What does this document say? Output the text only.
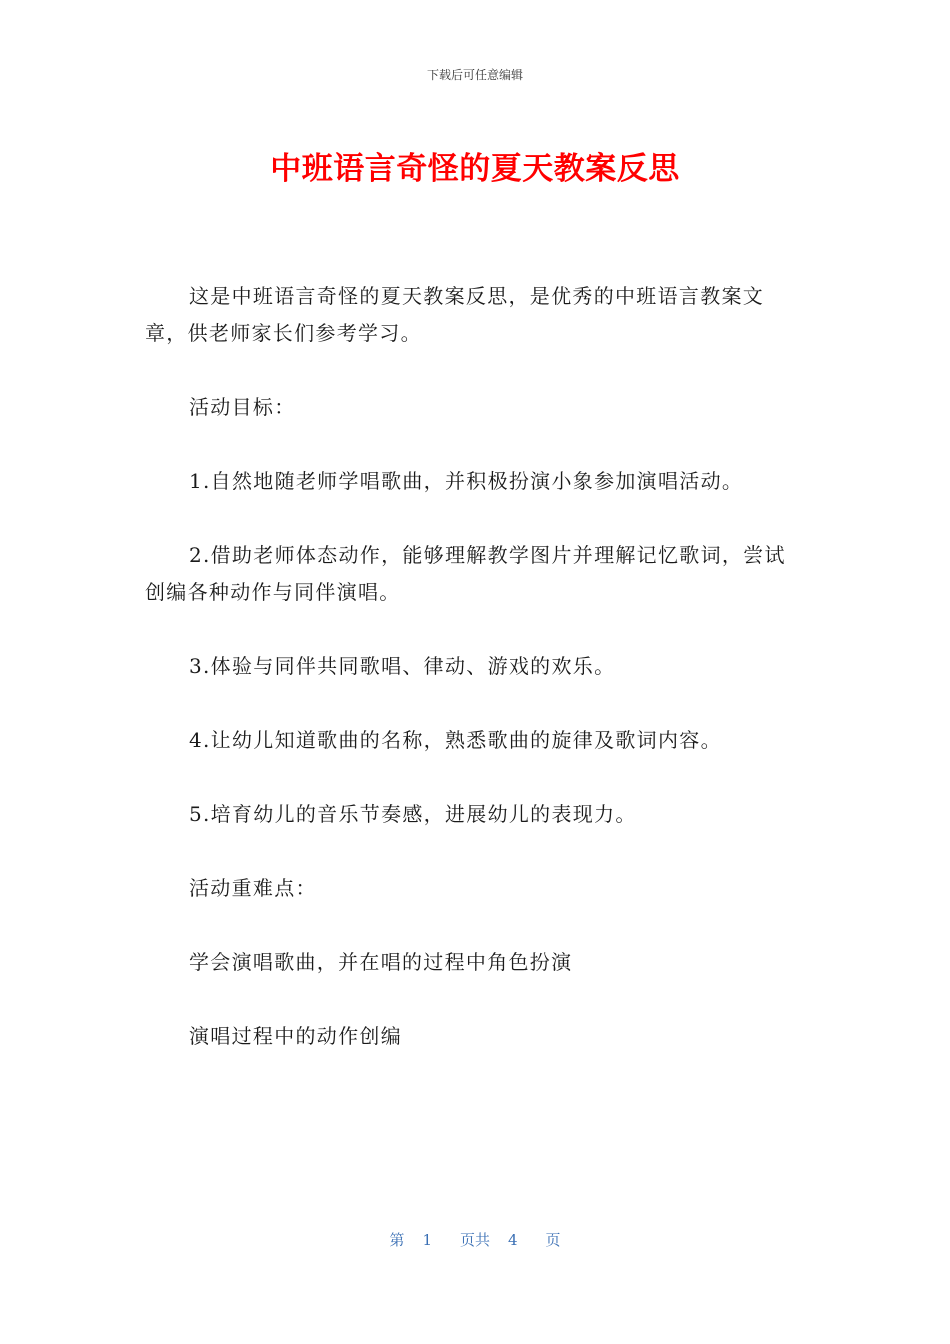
下载后可任意编辑
中班语言奇怪的夏天教案反思

这是中班语言奇怪的夏天教案反思，是优秀的中班语言教案文章，供老师家长们参考学习。

活动目标：

1.自然地随老师学唱歌曲，并积极扮演小象参加演唱活动。

2.借助老师体态动作，能够理解教学图片并理解记忆歌词，尝试创编各种动作与同伴演唱。

3.体验与同伴共同歌唱、律动、游戏的欢乐。

4.让幼儿知道歌曲的名称，熟悉歌曲的旋律及歌词内容。

5.培育幼儿的音乐节奏感，进展幼儿的表现力。

活动重难点：

学会演唱歌曲，并在唱的过程中角色扮演

演唱过程中的动作创编

第 1 页共 4 页
